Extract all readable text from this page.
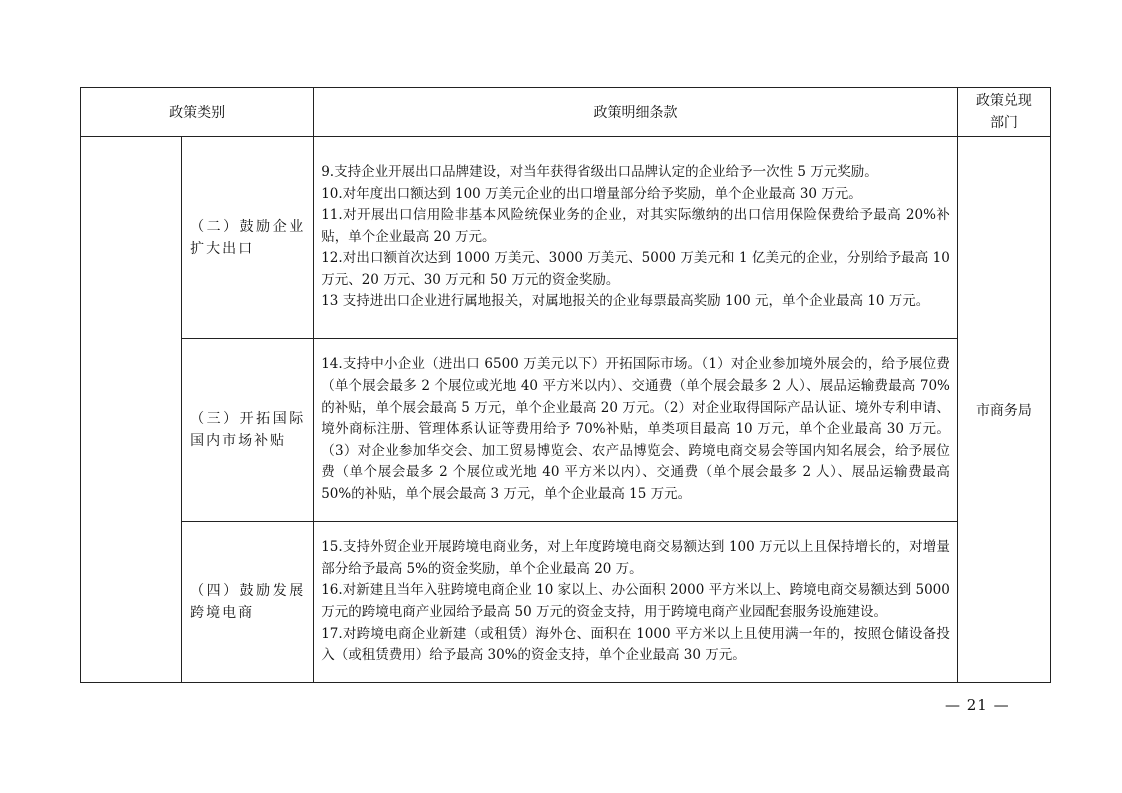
政策类别		政策明细条款	政策兑现
部门

	（二）鼓励企业扩大出口	9.支持企业开展出口品牌建设，对当年获得省级出口品牌认定的企业给予一次性 5 万元奖励。

10.对年度出口额达到 100 万美元企业的出口增量部分给予奖励，单个企业最高 30 万元。

11.对开展出口信用险非基本风险统保业务的企业，对其实际缴纳的出口信用保险保费给予最高 20%补贴，单个企业最高 20 万元。

12.对出口额首次达到 1000 万美元、3000 万美元、5000 万美元和 1 亿美元的企业，分别给予最高 10 万元、20 万元、30 万元和 50 万元的资金奖励。

13 支持进出口企业进行属地报关，对属地报关的企业每票最高奖励 100 元，单个企业最高 10 万元。	市商务局
	（三）开拓国际国内市场补贴	14.支持中小企业（进出口 6500 万美元以下）开拓国际市场。（1）对企业参加境外展会的，给予展位费（单个展会最多 2 个展位或光地 40 平方米以内）、交通费（单个展会最多 2 人）、展品运输费最高 70%的补贴，单个展会最高 5 万元，单个企业最高 20 万元。（2）对企业取得国际产品认证、境外专利申请、境外商标注册、管理体系认证等费用给予 70%补贴，单类项目最高 10 万元，单个企业最高 30 万元。（3）对企业参加华交会、加工贸易博览会、农产品博览会、跨境电商交易会等国内知名展会，给予展位费（单个展会最多 2 个展位或光地 40 平方米以内）、交通费（单个展会最多 2 人）、展品运输费最高 50%的补贴，单个展会最高 3 万元，单个企业最高 15 万元。	

	（四）鼓励发展跨境电商	15.支持外贸企业开展跨境电商业务，对上年度跨境电商交易额达到 100 万元以上且保持增长的，对增量部分给予最高 5%的资金奖励，单个企业最高 20 万。

16.对新建且当年入驻跨境电商企业 10 家以上、办公面积 2000 平方米以上、跨境电商交易额达到 5000 万元的跨境电商产业园给予最高 50 万元的资金支持，用于跨境电商产业园配套服务设施建设。

17.对跨境电商企业新建（或租赁）海外仓、面积在 1000 平方米以上且使用满一年的，按照仓储设备投入（或租赁费用）给予最高 30%的资金支持，单个企业最高 30 万元。	

— 21 —
